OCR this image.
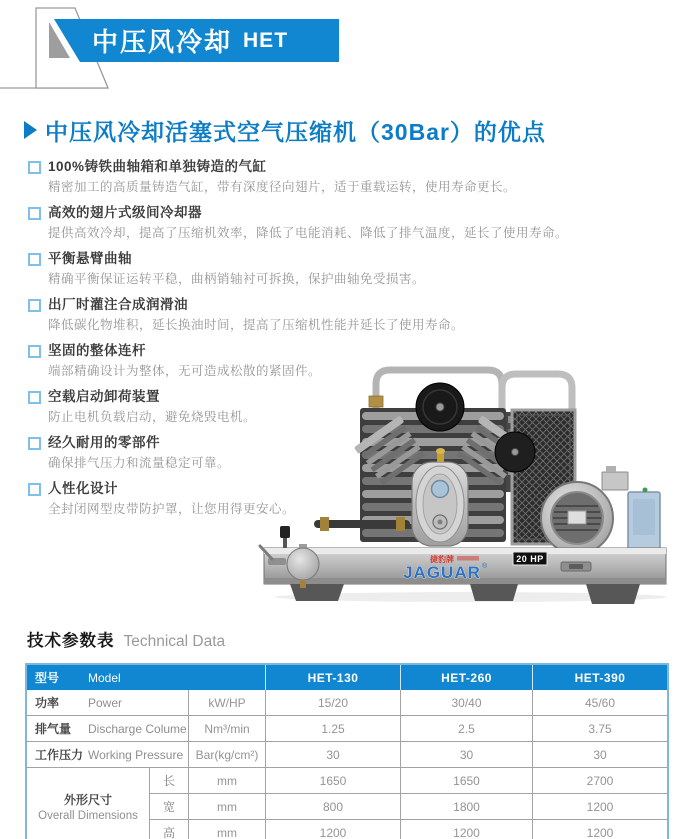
中压风冷却 HET
中压风冷却活塞式空气压缩机（30Bar）的优点
100%铸铁曲轴箱和单独铸造的气缸

精密加工的高质量铸造气缸，带有深度径向翅片，适于重载运转，使用寿命更长。

高效的翅片式级间冷却器

提供高效冷却，提高了压缩机效率，降低了电能消耗、降低了排气温度，延长了使用寿命。

平衡悬臂曲轴

精确平衡保证运转平稳，曲柄销轴衬可拆换，保护曲轴免受损害。

出厂时灌注合成润滑油

降低碳化物堆积，延长换油时间，提高了压缩机性能并延长了使用寿命。

坚固的整体连杆

端部精确设计为整体，无可造成松散的紧固件。

空载启动卸荷装置

防止电机负载启动，避免烧毁电机。

经久耐用的零部件

确保排气压力和流量稳定可靠。

人性化设计

全封闭网型皮带防护罩，让您用得更安心。

捷豹牌
JAGUAR ®
20 HP
技术参数表 Technical Data
型号 Model			HET-130	HET-260	HET-390

功率 Power		kW/HP	15/20	30/40	45/60

排气量 Discharge Colume		Nm³/min	1.25	2.5	3.75

工作压力 Working Pressure		Bar(kg/cm²)	30	30	30

外形尺寸
Overall Dimensions	长	mm	1650	1650	2700
	宽	mm	800	1800	1200
	高	mm	1200	1200	1200
